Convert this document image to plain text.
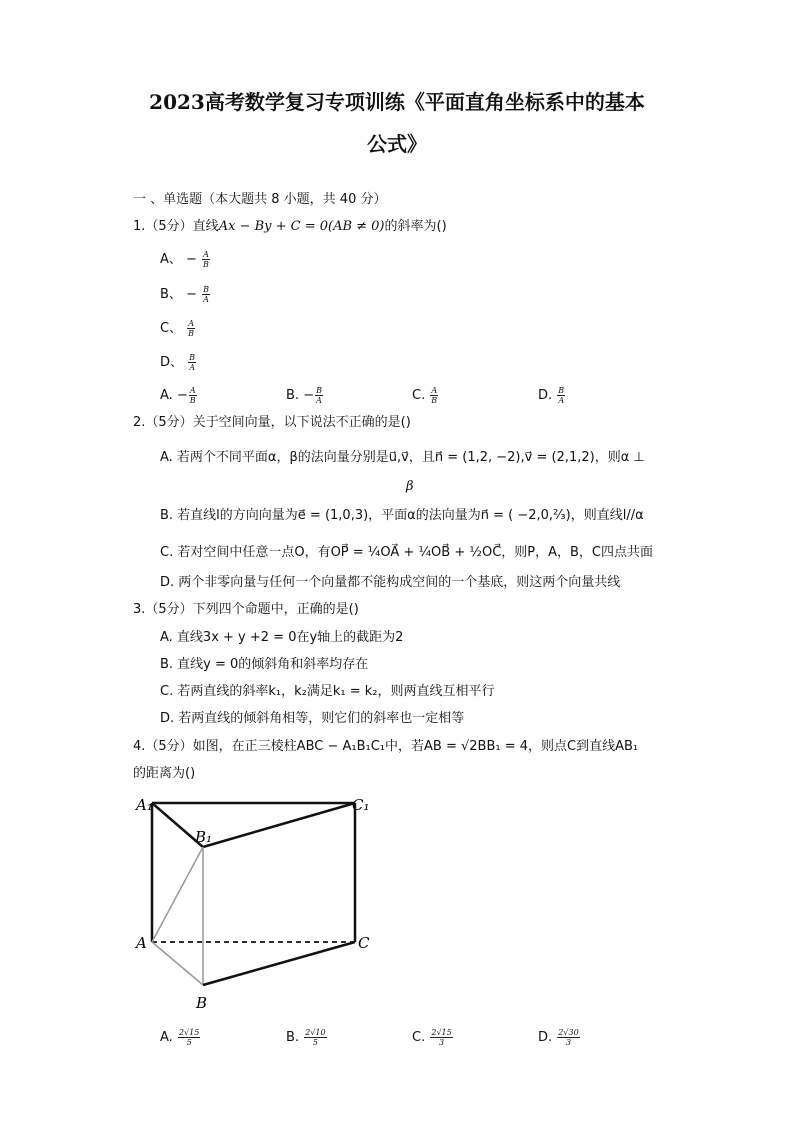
2023高考数学复习专项训练《平面直角坐标系中的基本
公式》
一 、单选题（本大题共 8 小题，共 40 分）
1.（5分）直线Ax − By + C = 0(AB ≠ 0)的斜率为()
A、 − $\frac{A}{B}$
B、 − $\frac{B}{A}$
C、 $\frac{A}{B}$
D、 $\frac{B}{A}$
A. − $\frac{A}{B}$	B. − $\frac{B}{A}$	C. $\frac{A}{B}$	D. $\frac{B}{A}$
2.（5分）关于空间向量，以下说法不正确的是()
A. 若两个不同平面α，β的法向量分别是u⃗,v⃗，且n⃗ = (1,2, −2),v⃗ = (2,1,2)，则α ⊥
β
B. 若直线l的方向向量为e⃗ = (1,0,3)，平面α的法向量为n⃗ = ( −2,0,²⁄₃)，则直线l//α
C. 若对空间中任意一点O，有OP⃗ = ¼OA⃗ + ¼OB⃗ + ½OC⃗，则P，A，B，C四点共面
D. 两个非零向量与任何一个向量都不能构成空间的一个基底，则这两个向量共线
3.（5分）下列四个命题中，正确的是()
A. 直线3x + y +2 = 0在y轴上的截距为2
B. 直线y = 0的倾斜角和斜率均存在
C. 若两直线的斜率k₁，k₂满足k₁ = k₂，则两直线互相平行
D. 若两直线的倾斜角相等，则它们的斜率也一定相等
4.（5分）如图，在正三棱柱ABC − A₁B₁C₁中，若AB = √2BB₁ = 4，则点C到直线AB₁
的距离为()
A₁
B₁
C₁
A
B
C
A. $\frac{2√15}{5}$	B. $\frac{2√10}{5}$	C. $\frac{2√15}{3}$	D. $\frac{2√30}{3}$
